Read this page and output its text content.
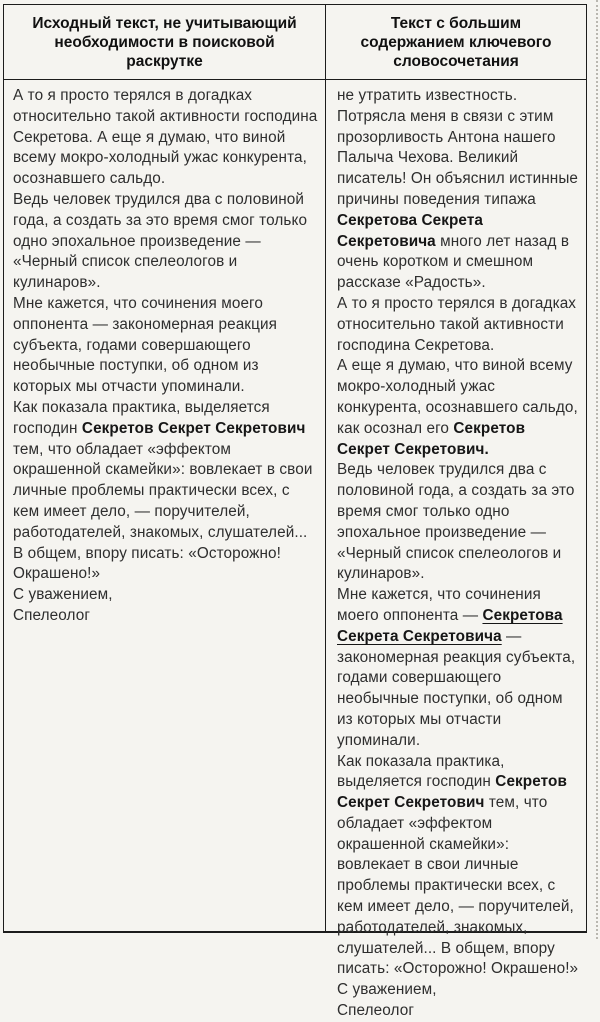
Исходный текст, не учитывающий необходимости в поисковой раскрутке
Текст с большим содержанием ключевого словосочетания

А то я просто терялся в догадках относительно такой активности господина Секретова. А еще я думаю, что виной всему мокро-холодный ужас конкурента, осознавшего сальдо.

Ведь человек трудился два с половиной года, а создать за это время смог только одно эпохальное произведение — «Черный список спелеологов и кулинаров».

Мне кажется, что сочинения моего оппонента — закономерная реакция субъекта, годами совершающего необычные поступки, об одном из которых мы отчасти упоминали.

Как показала практика, выделяется господин Секретов Секрет Секретович тем, что обладает «эффектом окрашенной скамейки»: вовлекает в свои личные проблемы практически всех, с кем имеет дело, — поручителей, работодателей, знакомых, слушателей... В общем, впору писать: «Осторожно! Окрашено!»

С уважением,

Спелеолог

не утратить известность. Потрясла меня в связи с этим прозорливость Антона нашего Палыча Чехова. Великий писатель! Он объяснил истинные причины поведения типажа Секретова Секрета Секретовича много лет назад в очень коротком и смешном рассказе «Радость».

А то я просто терялся в догадках относительно такой активности господина Секретова.

А еще я думаю, что виной всему мокро-холодный ужас конкурента, осознавшего сальдо, как осознал его Секретов Секрет Секретович.

Ведь человек трудился два с половиной года, а создать за это время смог только одно эпохальное произведение — «Черный список спелеологов и кулинаров».

Мне кажется, что сочинения моего оппонента — Секретова Секрета Секретовича — закономерная реакция субъекта, годами совершающего необычные поступки, об одном из которых мы отчасти упоминали.

Как показала практика, выделяется господин Секретов Секрет Секретович тем, что обладает «эффектом окрашенной скамейки»: вовлекает в свои личные проблемы практически всех, с кем имеет дело, — поручителей, работодателей, знакомых, слушателей... В общем, впору писать: «Осторожно! Окрашено!»

С уважением,

Спелеолог
